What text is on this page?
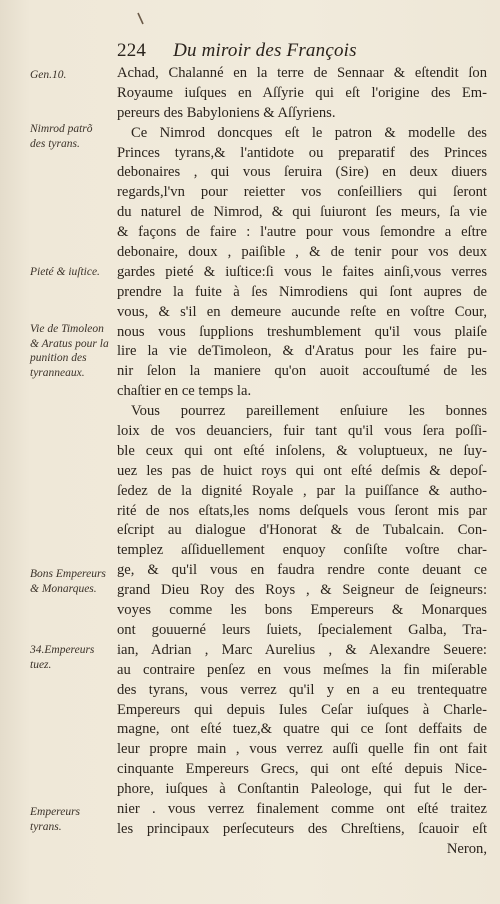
224 Du miroir des François
Gen.10.
Nimrod patrõ des tyrans.
Pieté & iuſtice.
Vie de Timoleon & Aratus pour la punition des tyranneaux.
Bons Empereurs & Monarques.
34.Empereurs tuez.
Empereurs tyrans.
Achad, Chalanné en la terre de Sennaar & eſtendit ſon
Royaume iuſques en Aſſyrie qui eſt l'origine des Em-
pereurs des Babyloniens & Aſſyriens.
Ce Nimrod doncques eſt le patron & modelle des
Princes tyrans,& l'antidote ou preparatif des Princes
debonaires , qui vous ſeruira (Sire) en deux diuers
regards,l'vn pour reietter vos conſeilliers qui ſeront
du naturel de Nimrod, & qui ſuiuront ſes meurs, ſa vie
& façons de faire : l'autre pour vous ſemondre a eſtre
debonaire, doux , paiſible , & de tenir pour vos deux
gardes pieté & iuſtice:ſi vous le faites ainſi,vous verres
prendre la fuite à ſes Nimrodiens qui ſont aupres de
vous, & s'il en demeure aucunde reſte en voſtre Cour,
nous vous ſupplions treshumblement qu'il vous plaiſe
lire la vie deTimoleon, & d'Aratus pour les faire pu-
nir ſelon la maniere qu'on auoit accouſtumé de les
chaſtier en ce temps la.
Vous pourrez pareillement enſuiure les bonnes
loix de vos deuanciers, fuir tant qu'il vous ſera poſſi-
ble ceux qui ont eſté inſolens, & voluptueux, ne ſuy-
uez les pas de huict roys qui ont eſté deſmis & depoſ-
ſedez de la dignité Royale , par la puiſſance & autho-
rité de nos eſtats,les noms deſquels vous ſeront mis par
eſcript au dialogue d'Honorat & de Tubalcain. Con-
templez aſſiduellement enquoy conſiſte voſtre char-
ge, & qu'il vous en faudra rendre conte deuant ce
grand Dieu Roy des Roys , & Seigneur de ſeigneurs:
voyes comme les bons Empereurs & Monarques
ont gouuerné leurs ſuiets, ſpecialement Galba, Tra-
ian, Adrian , Marc Aurelius , & Alexandre Seuere:
au contraire penſez en vous meſmes la fin miſerable
des tyrans, vous verrez qu'il y en a eu trentequatre
Empereurs qui depuis Iules Ceſar iuſques à Charle-
magne, ont eſté tuez,& quatre qui ce ſont deffaits de
leur propre main , vous verrez auſſi quelle fin ont fait
cinquante Empereurs Grecs, qui ont eſté depuis Nice-
phore, iuſques à Conſtantin Paleologe, qui fut le der-
nier . vous verrez finalement comme ont eſté traitez
les principaux perſecuteurs des Chreſtiens, ſcauoir eſt
Neron,
